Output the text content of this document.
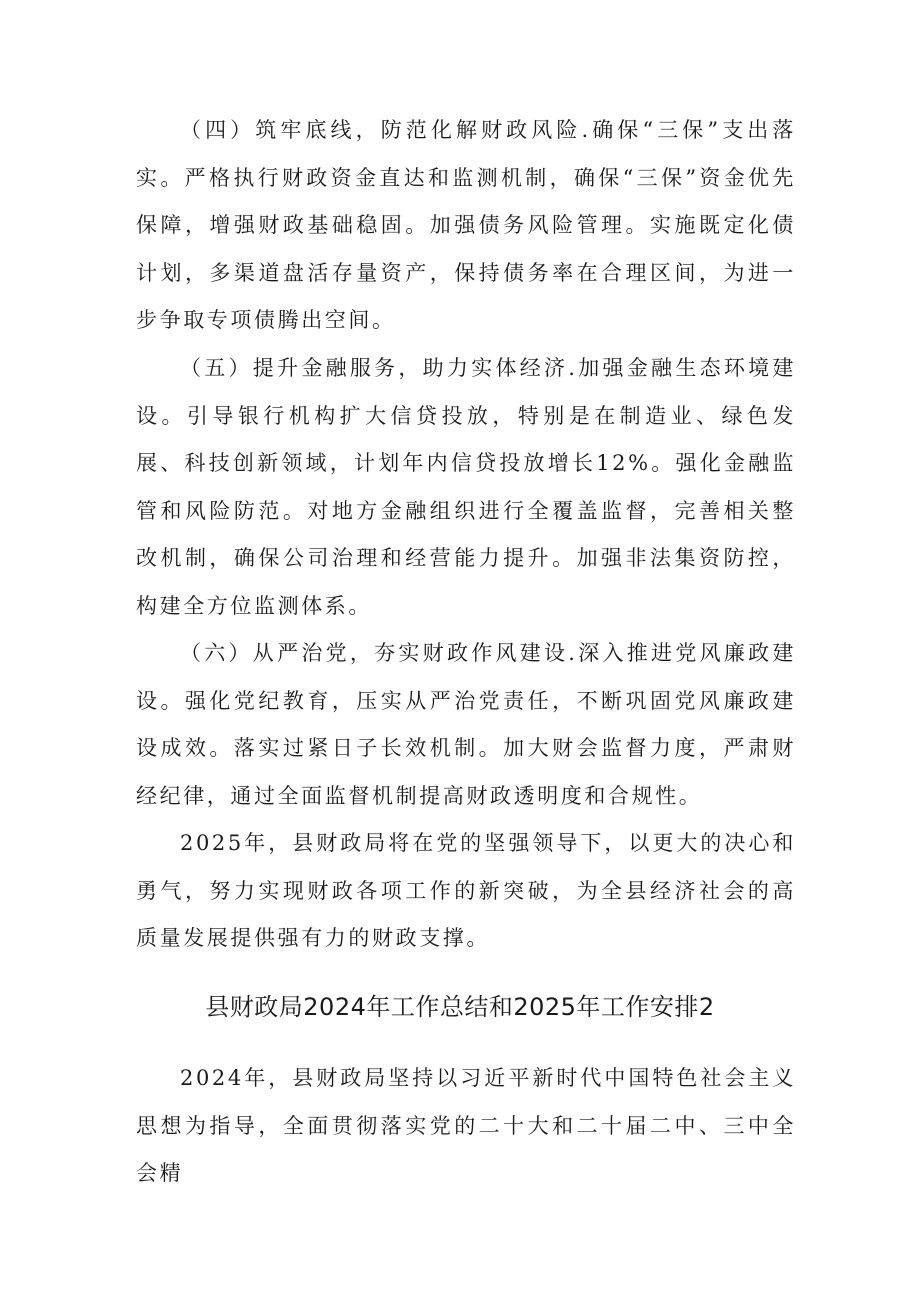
（四）筑牢底线，防范化解财政风险.确保“三保”支出落实。严格执行财政资金直达和监测机制，确保“三保”资金优先保障，增强财政基础稳固。加强债务风险管理。实施既定化债计划，多渠道盘活存量资产，保持债务率在合理区间，为进一步争取专项债腾出空间。

（五）提升金融服务，助力实体经济.加强金融生态环境建设。引导银行机构扩大信贷投放，特别是在制造业、绿色发展、科技创新领域，计划年内信贷投放增长12%。强化金融监管和风险防范。对地方金融组织进行全覆盖监督，完善相关整改机制，确保公司治理和经营能力提升。加强非法集资防控，构建全方位监测体系。

（六）从严治党，夯实财政作风建设.深入推进党风廉政建设。强化党纪教育，压实从严治党责任，不断巩固党风廉政建设成效。落实过紧日子长效机制。加大财会监督力度，严肃财经纪律，通过全面监督机制提高财政透明度和合规性。

2025年，县财政局将在党的坚强领导下，以更大的决心和勇气，努力实现财政各项工作的新突破，为全县经济社会的高质量发展提供强有力的财政支撑。

县财政局2024年工作总结和2025年工作安排2

2024年，县财政局坚持以习近平新时代中国特色社会主义思想为指导，全面贯彻落实党的二十大和二十届二中、三中全会精
